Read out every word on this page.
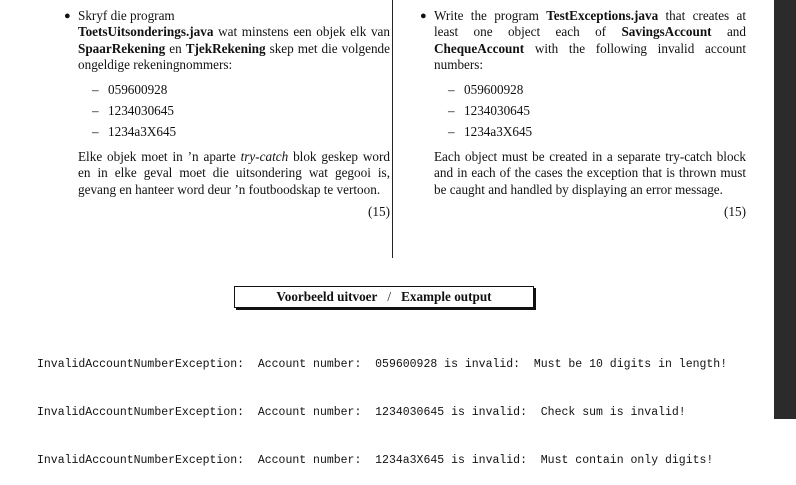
● Skryf die program
ToetsUitsonderings.java wat minstens een objek elk van SpaarRekening en TjekRekening skep met die volgende ongeldige rekeningnommers:
– 059600928
– 1234030645
– 1234a3X645
Elke objek moet in ’n aparte try-catch blok geskep word en in elke geval moet die uitsondering wat gegooi is, gevang en hanteer word deur ’n foutboodskap te vertoon.
(15)
● Write the program TestExceptions.java that creates at least one object each of SavingsAccount and ChequeAccount with the following invalid account numbers:
– 059600928
– 1234030645
– 1234a3X645
Each object must be created in a separate try-catch block and in each of the cases the exception that is thrown must be caught and handled by displaying an error message.
(15)
Voorbeeld uitvoer / Example output

InvalidAccountNumberException:  Account number:  059600928 is invalid:  Must be 10 digits in length!

InvalidAccountNumberException:  Account number:  1234030645 is invalid:  Check sum is invalid!

InvalidAccountNumberException:  Account number:  1234a3X645 is invalid:  Must contain only digits!
